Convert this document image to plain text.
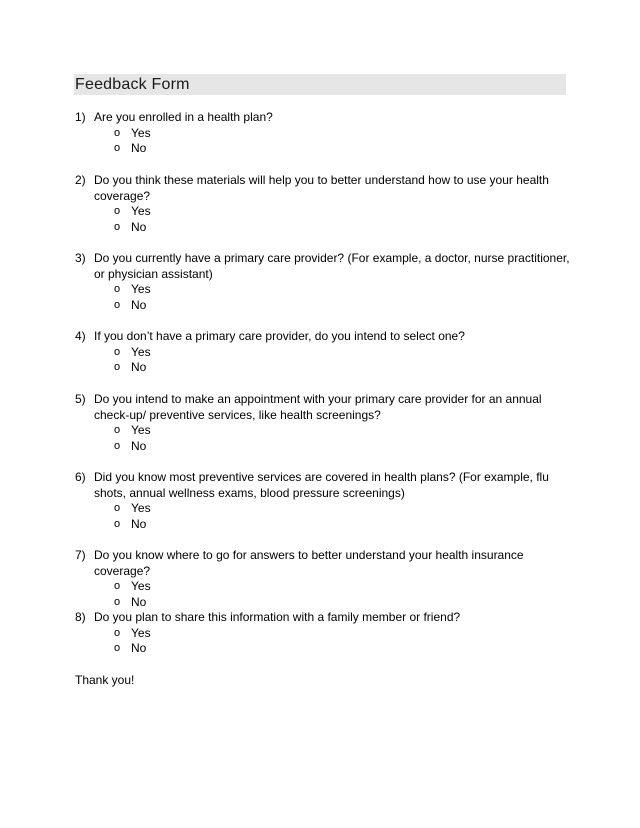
Feedback Form
1) Are you enrolled in a health plan?
o Yes
o No
2) Do you think these materials will help you to better understand how to use your health coverage?
o Yes
o No
3) Do you currently have a primary care provider? (For example, a doctor, nurse practitioner, or physician assistant)
o Yes
o No
4) If you don’t have a primary care provider, do you intend to select one?
o Yes
o No
5) Do you intend to make an appointment with your primary care provider for an annual check-up/ preventive services, like health screenings?
o Yes
o No
6) Did you know most preventive services are covered in health plans? (For example, flu shots, annual wellness exams, blood pressure screenings)
o Yes
o No
7) Do you know where to go for answers to better understand your health insurance coverage?
o Yes
o No
8) Do you plan to share this information with a family member or friend?
o Yes
o No
Thank you!
